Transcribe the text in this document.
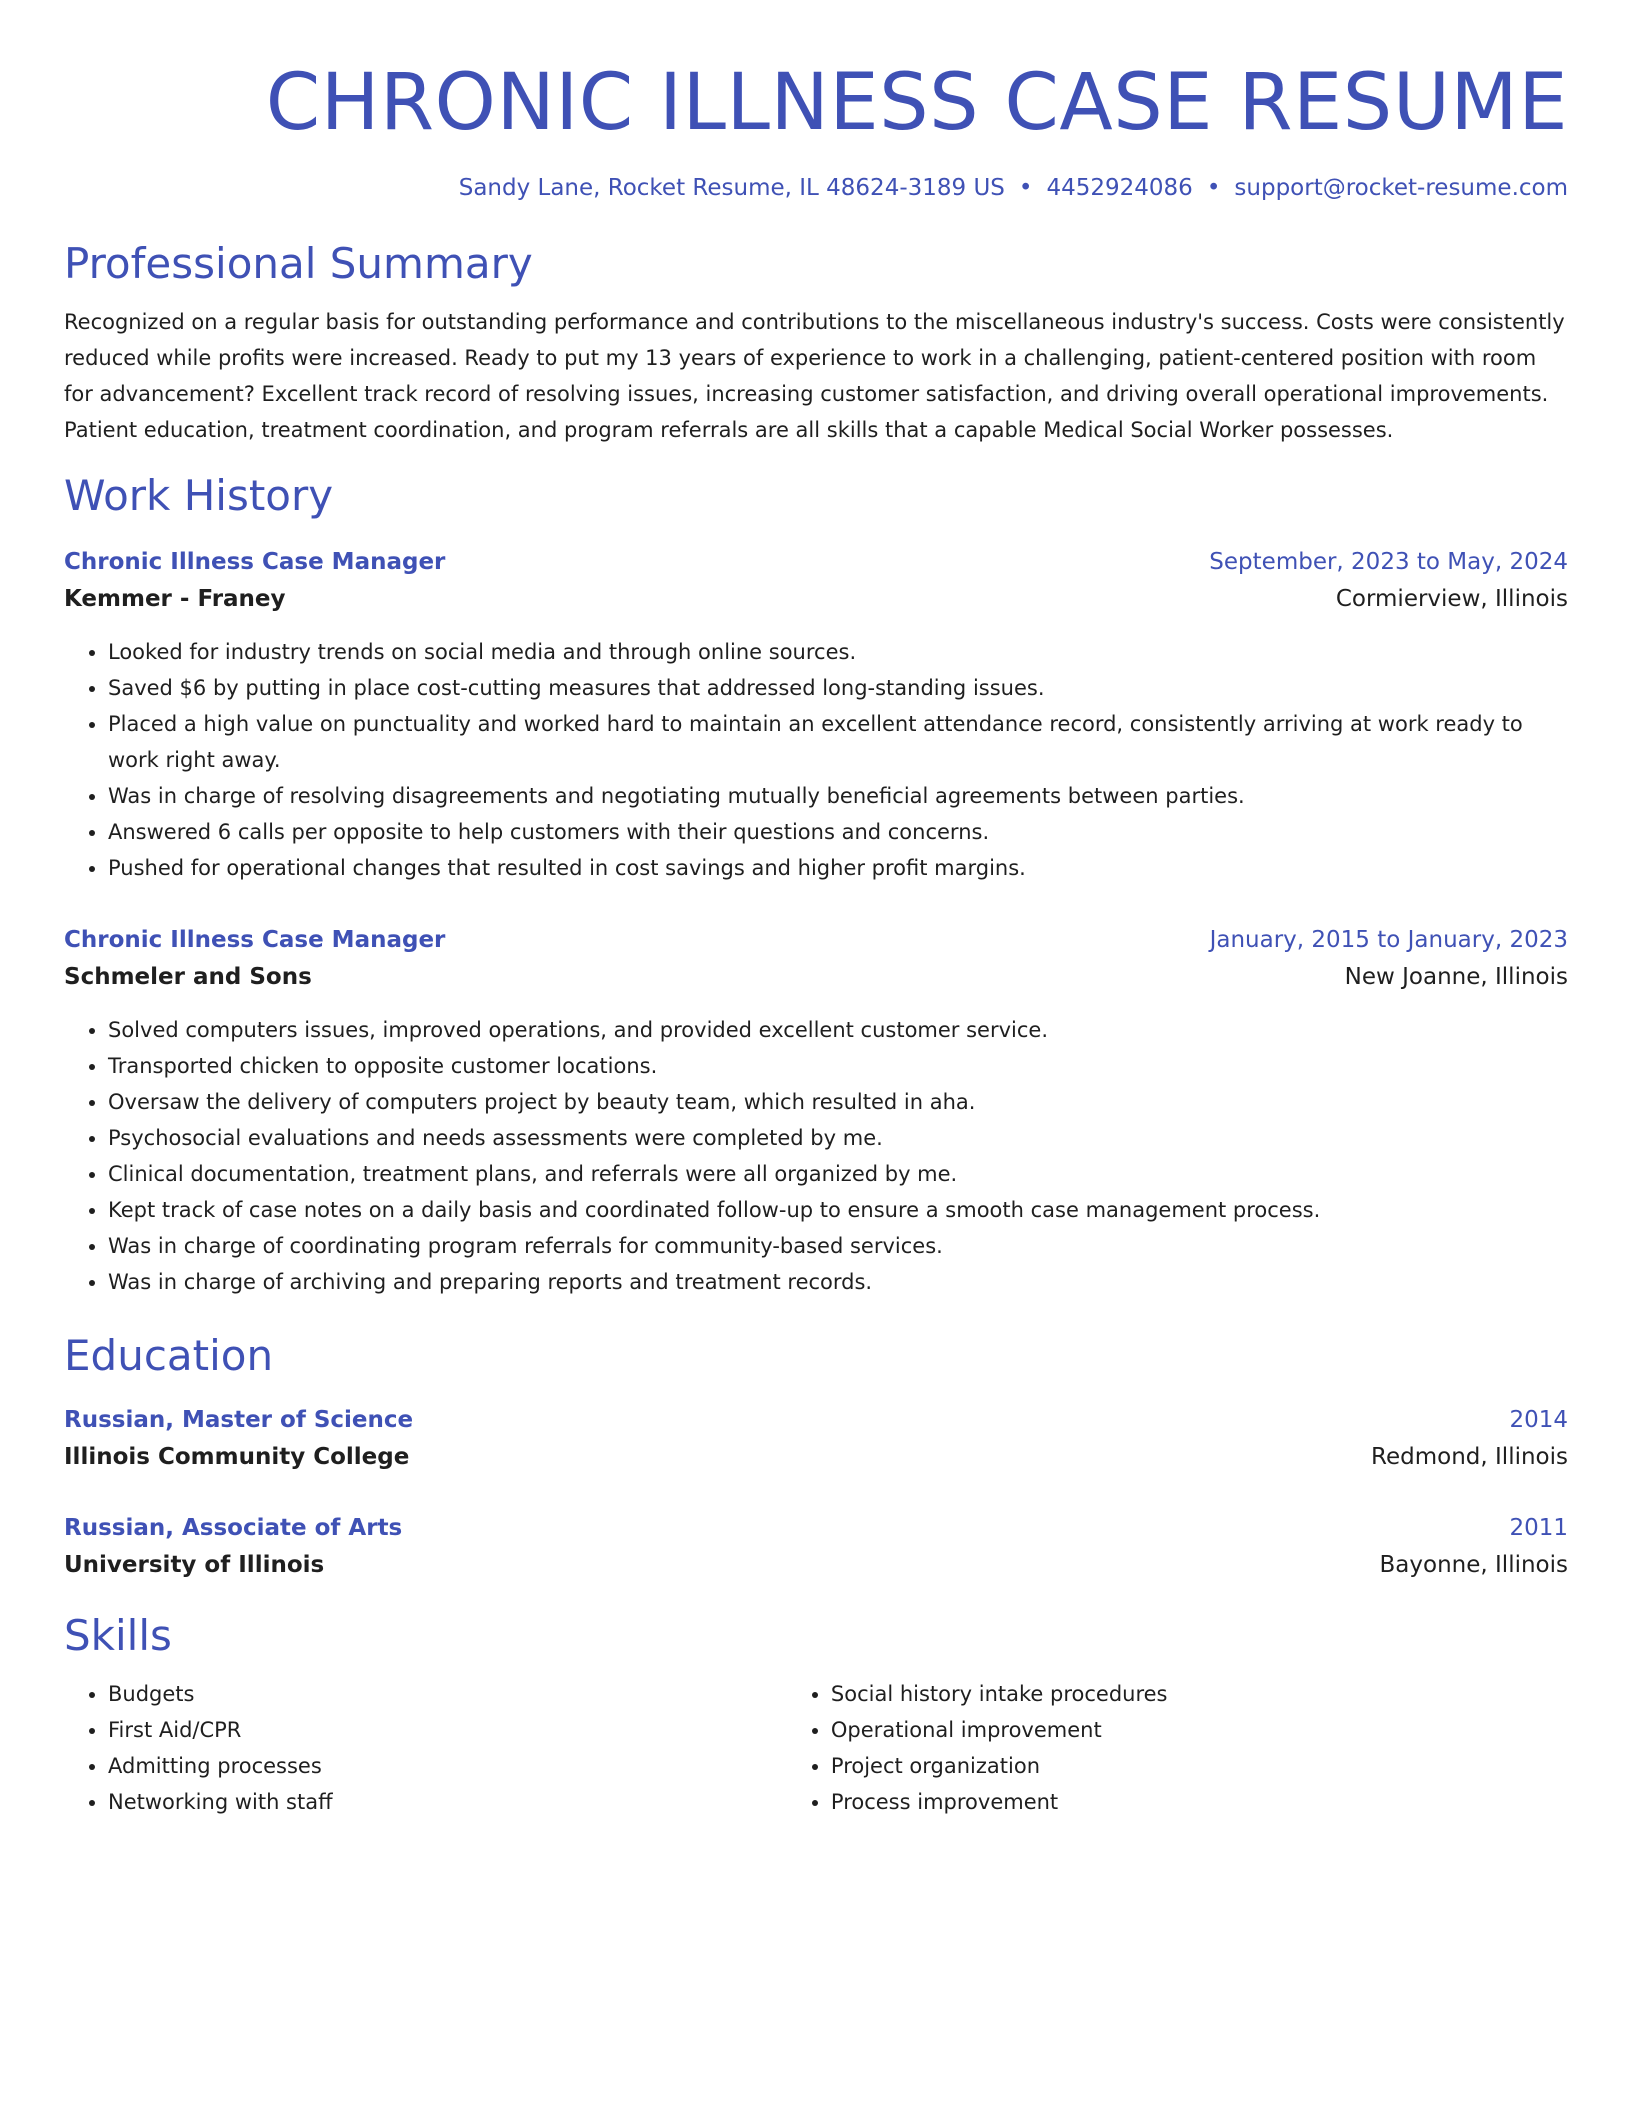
CHRONIC ILLNESS CASE RESUME
Sandy Lane, Rocket Resume, IL 48624-3189 US • 4452924086 • support@rocket-resume.com
Professional Summary
Recognized on a regular basis for outstanding performance and contributions to the miscellaneous industry's success. Costs were consistently reduced while profits were increased. Ready to put my 13 years of experience to work in a challenging, patient-centered position with room for advancement? Excellent track record of resolving issues, increasing customer satisfaction, and driving overall operational improvements. Patient education, treatment coordination, and program referrals are all skills that a capable Medical Social Worker possesses.
Work History
Chronic Illness Case Manager	September, 2023 to May, 2024
Kemmer - Franey	Cormierview, Illinois
• Looked for industry trends on social media and through online sources.
• Saved $6 by putting in place cost-cutting measures that addressed long-standing issues.
• Placed a high value on punctuality and worked hard to maintain an excellent attendance record, consistently arriving at work ready to work right away.
• Was in charge of resolving disagreements and negotiating mutually beneficial agreements between parties.
• Answered 6 calls per opposite to help customers with their questions and concerns.
• Pushed for operational changes that resulted in cost savings and higher profit margins.
Chronic Illness Case Manager	January, 2015 to January, 2023
Schmeler and Sons	New Joanne, Illinois
• Solved computers issues, improved operations, and provided excellent customer service.
• Transported chicken to opposite customer locations.
• Oversaw the delivery of computers project by beauty team, which resulted in aha.
• Psychosocial evaluations and needs assessments were completed by me.
• Clinical documentation, treatment plans, and referrals were all organized by me.
• Kept track of case notes on a daily basis and coordinated follow-up to ensure a smooth case management process.
• Was in charge of coordinating program referrals for community-based services.
• Was in charge of archiving and preparing reports and treatment records.
Education
Russian, Master of Science	2014
Illinois Community College	Redmond, Illinois
Russian, Associate of Arts	2011
University of Illinois	Bayonne, Illinois
Skills
• Budgets
• First Aid/CPR
• Admitting processes
• Networking with staff
• Social history intake procedures
• Operational improvement
• Project organization
• Process improvement
